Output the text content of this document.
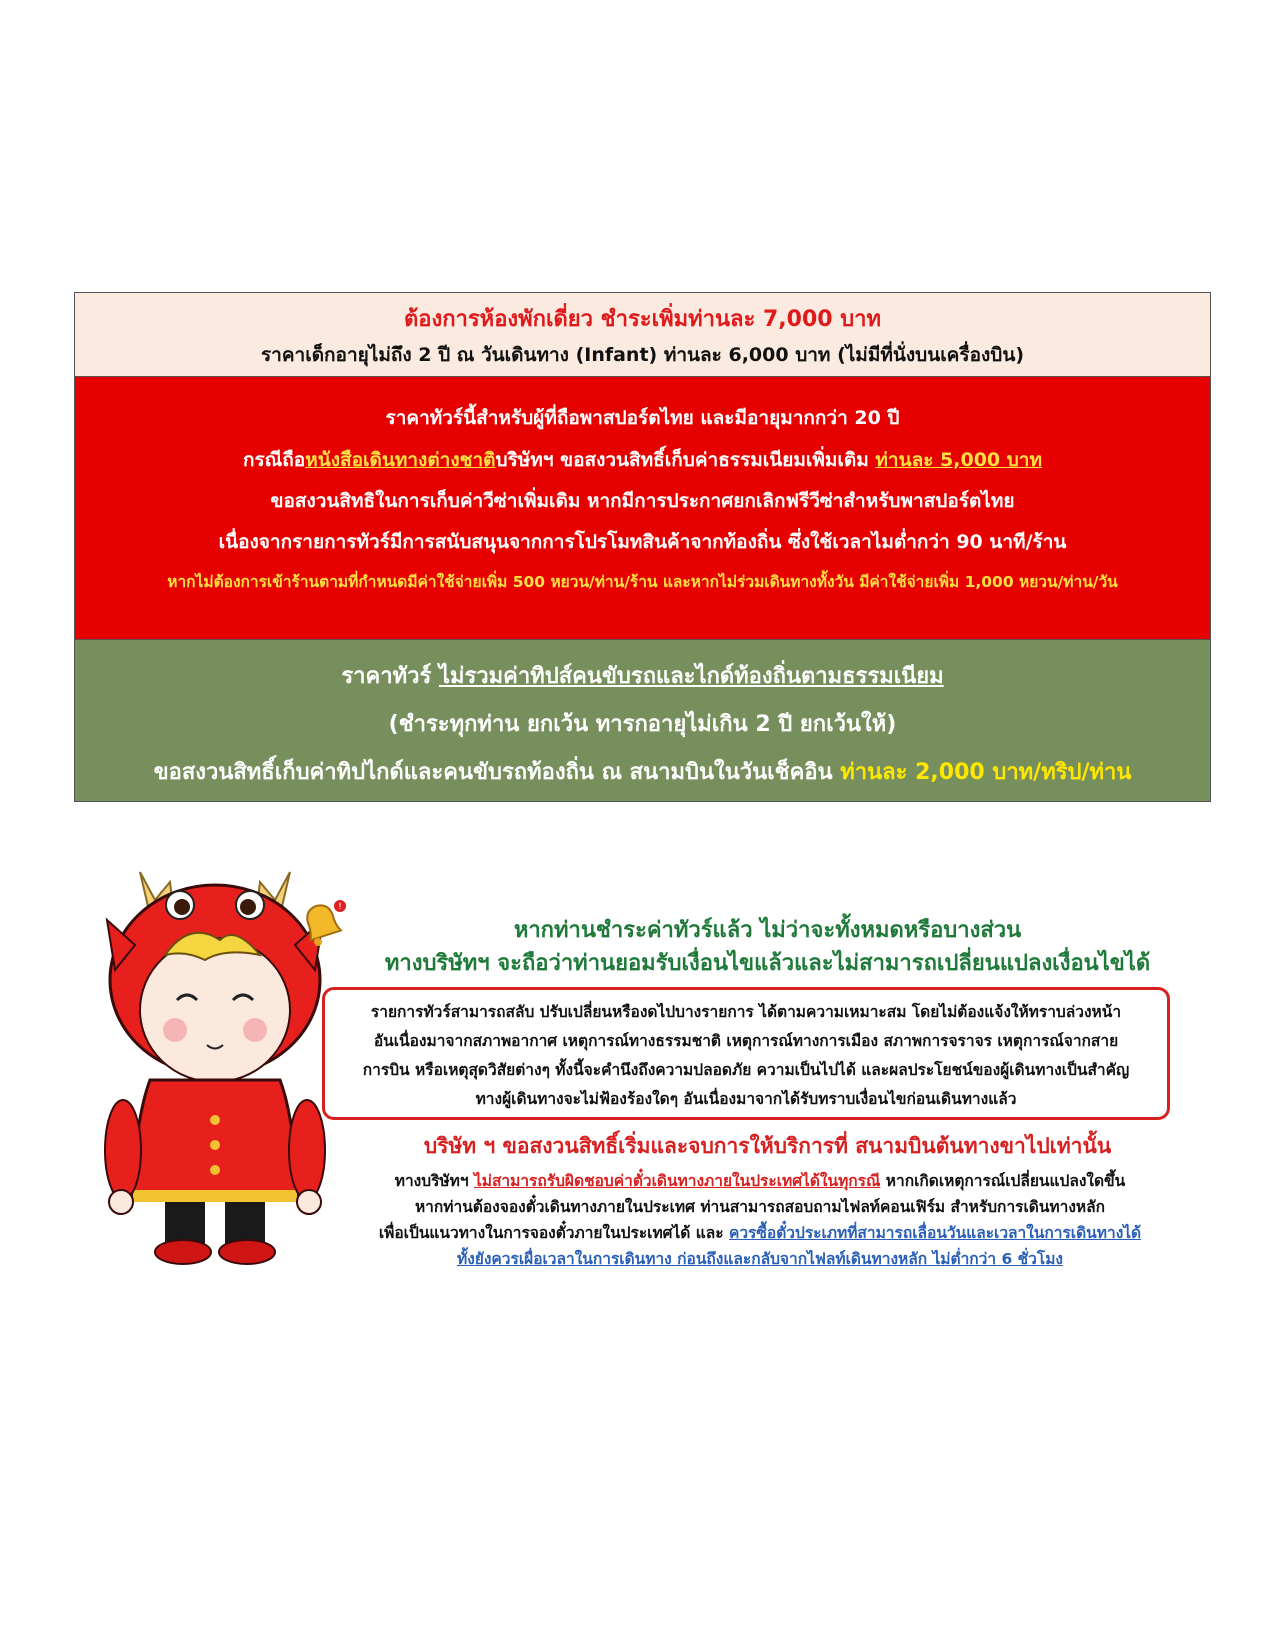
ต้องการห้องพักเดี่ยว ชำระเพิ่มท่านละ 7,000 บาท
ราคาเด็กอายุไม่ถึง 2 ปี ณ วันเดินทาง (Infant) ท่านละ 6,000 บาท (ไม่มีที่นั่งบนเครื่องบิน)
ราคาทัวร์นี้สำหรับผู้ที่ถือพาสปอร์ตไทย และมีอายุมากกว่า 20 ปี
กรณีถือหนังสือเดินทางต่างชาติบริษัทฯ ขอสงวนสิทธิ์เก็บค่าธรรมเนียมเพิ่มเติม ท่านละ 5,000 บาท
ขอสงวนสิทธิในการเก็บค่าวีซ่าเพิ่มเติม หากมีการประกาศยกเลิกฟรีวีซ่าสำหรับพาสปอร์ตไทย
เนื่องจากรายการทัวร์มีการสนับสนุนจากการโปรโมทสินค้าจากท้องถิ่น ซึ่งใช้เวลาไมต่ำกว่า 90 นาที/ร้าน
หากไม่ต้องการเข้าร้านตามที่กำหนดมีค่าใช้จ่ายเพิ่ม 500 หยวน/ท่าน/ร้าน และหากไม่ร่วมเดินทางทั้งวัน มีค่าใช้จ่ายเพิ่ม 1,000 หยวน/ท่าน/วัน
ราคาทัวร์ ไม่รวมค่าทิปส์คนขับรถและไกด์ท้องถิ่นตามธรรมเนียม
(ชำระทุกท่าน ยกเว้น ทารกอายุไม่เกิน 2 ปี ยกเว้นให้)
ขอสงวนสิทธิ์เก็บค่าทิปไกด์และคนขับรถท้องถิ่น ณ สนามบินในวันเช็คอิน ท่านละ 2,000 บาท/ทริป/ท่าน
!
หากท่านชำระค่าทัวร์แล้ว ไม่ว่าจะทั้งหมดหรือบางส่วน
ทางบริษัทฯ จะถือว่าท่านยอมรับเงื่อนไขแล้วและไม่สามารถเปลี่ยนแปลงเงื่อนไขได้
รายการทัวร์สามารถสลับ ปรับเปลี่ยนหรืองดไปบางรายการ ได้ตามความเหมาะสม โดยไม่ต้องแจ้งให้ทราบล่วงหน้า
อันเนื่องมาจากสภาพอากาศ เหตุการณ์ทางธรรมชาติ เหตุการณ์ทางการเมือง สภาพการจราจร เหตุการณ์จากสาย
การบิน หรือเหตุสุดวิสัยต่างๆ ทั้งนี้จะคำนึงถึงความปลอดภัย ความเป็นไปได้ และผลประโยชน์ของผู้เดินทางเป็นสำคัญ
ทางผู้เดินทางจะไม่ฟ้องร้องใดๆ อันเนื่องมาจากได้รับทราบเงื่อนไขก่อนเดินทางแล้ว
บริษัท ฯ ขอสงวนสิทธิ์เริ่มและจบการให้บริการที่ สนามบินต้นทางขาไปเท่านั้น
ทางบริษัทฯ ไม่สามารถรับผิดชอบค่าตั๋วเดินทางภายในประเทศได้ในทุกรณี หากเกิดเหตุการณ์เปลี่ยนแปลงใดขึ้น
หากท่านต้องจองตั๋วเดินทางภายในประเทศ ท่านสามารถสอบถามไฟลท์คอนเฟิร์ม สำหรับการเดินทางหลัก
เพื่อเป็นแนวทางในการจองตั๋วภายในประเทศได้ และ ควรซื้อตั๋วประเภทที่สามารถเลื่อนวันและเวลาในการเดินทางได้
ทั้งยังควรเผื่อเวลาในการเดินทาง ก่อนถึงและกลับจากไฟลท์เดินทางหลัก ไม่ต่ำกว่า 6 ชั่วโมง
